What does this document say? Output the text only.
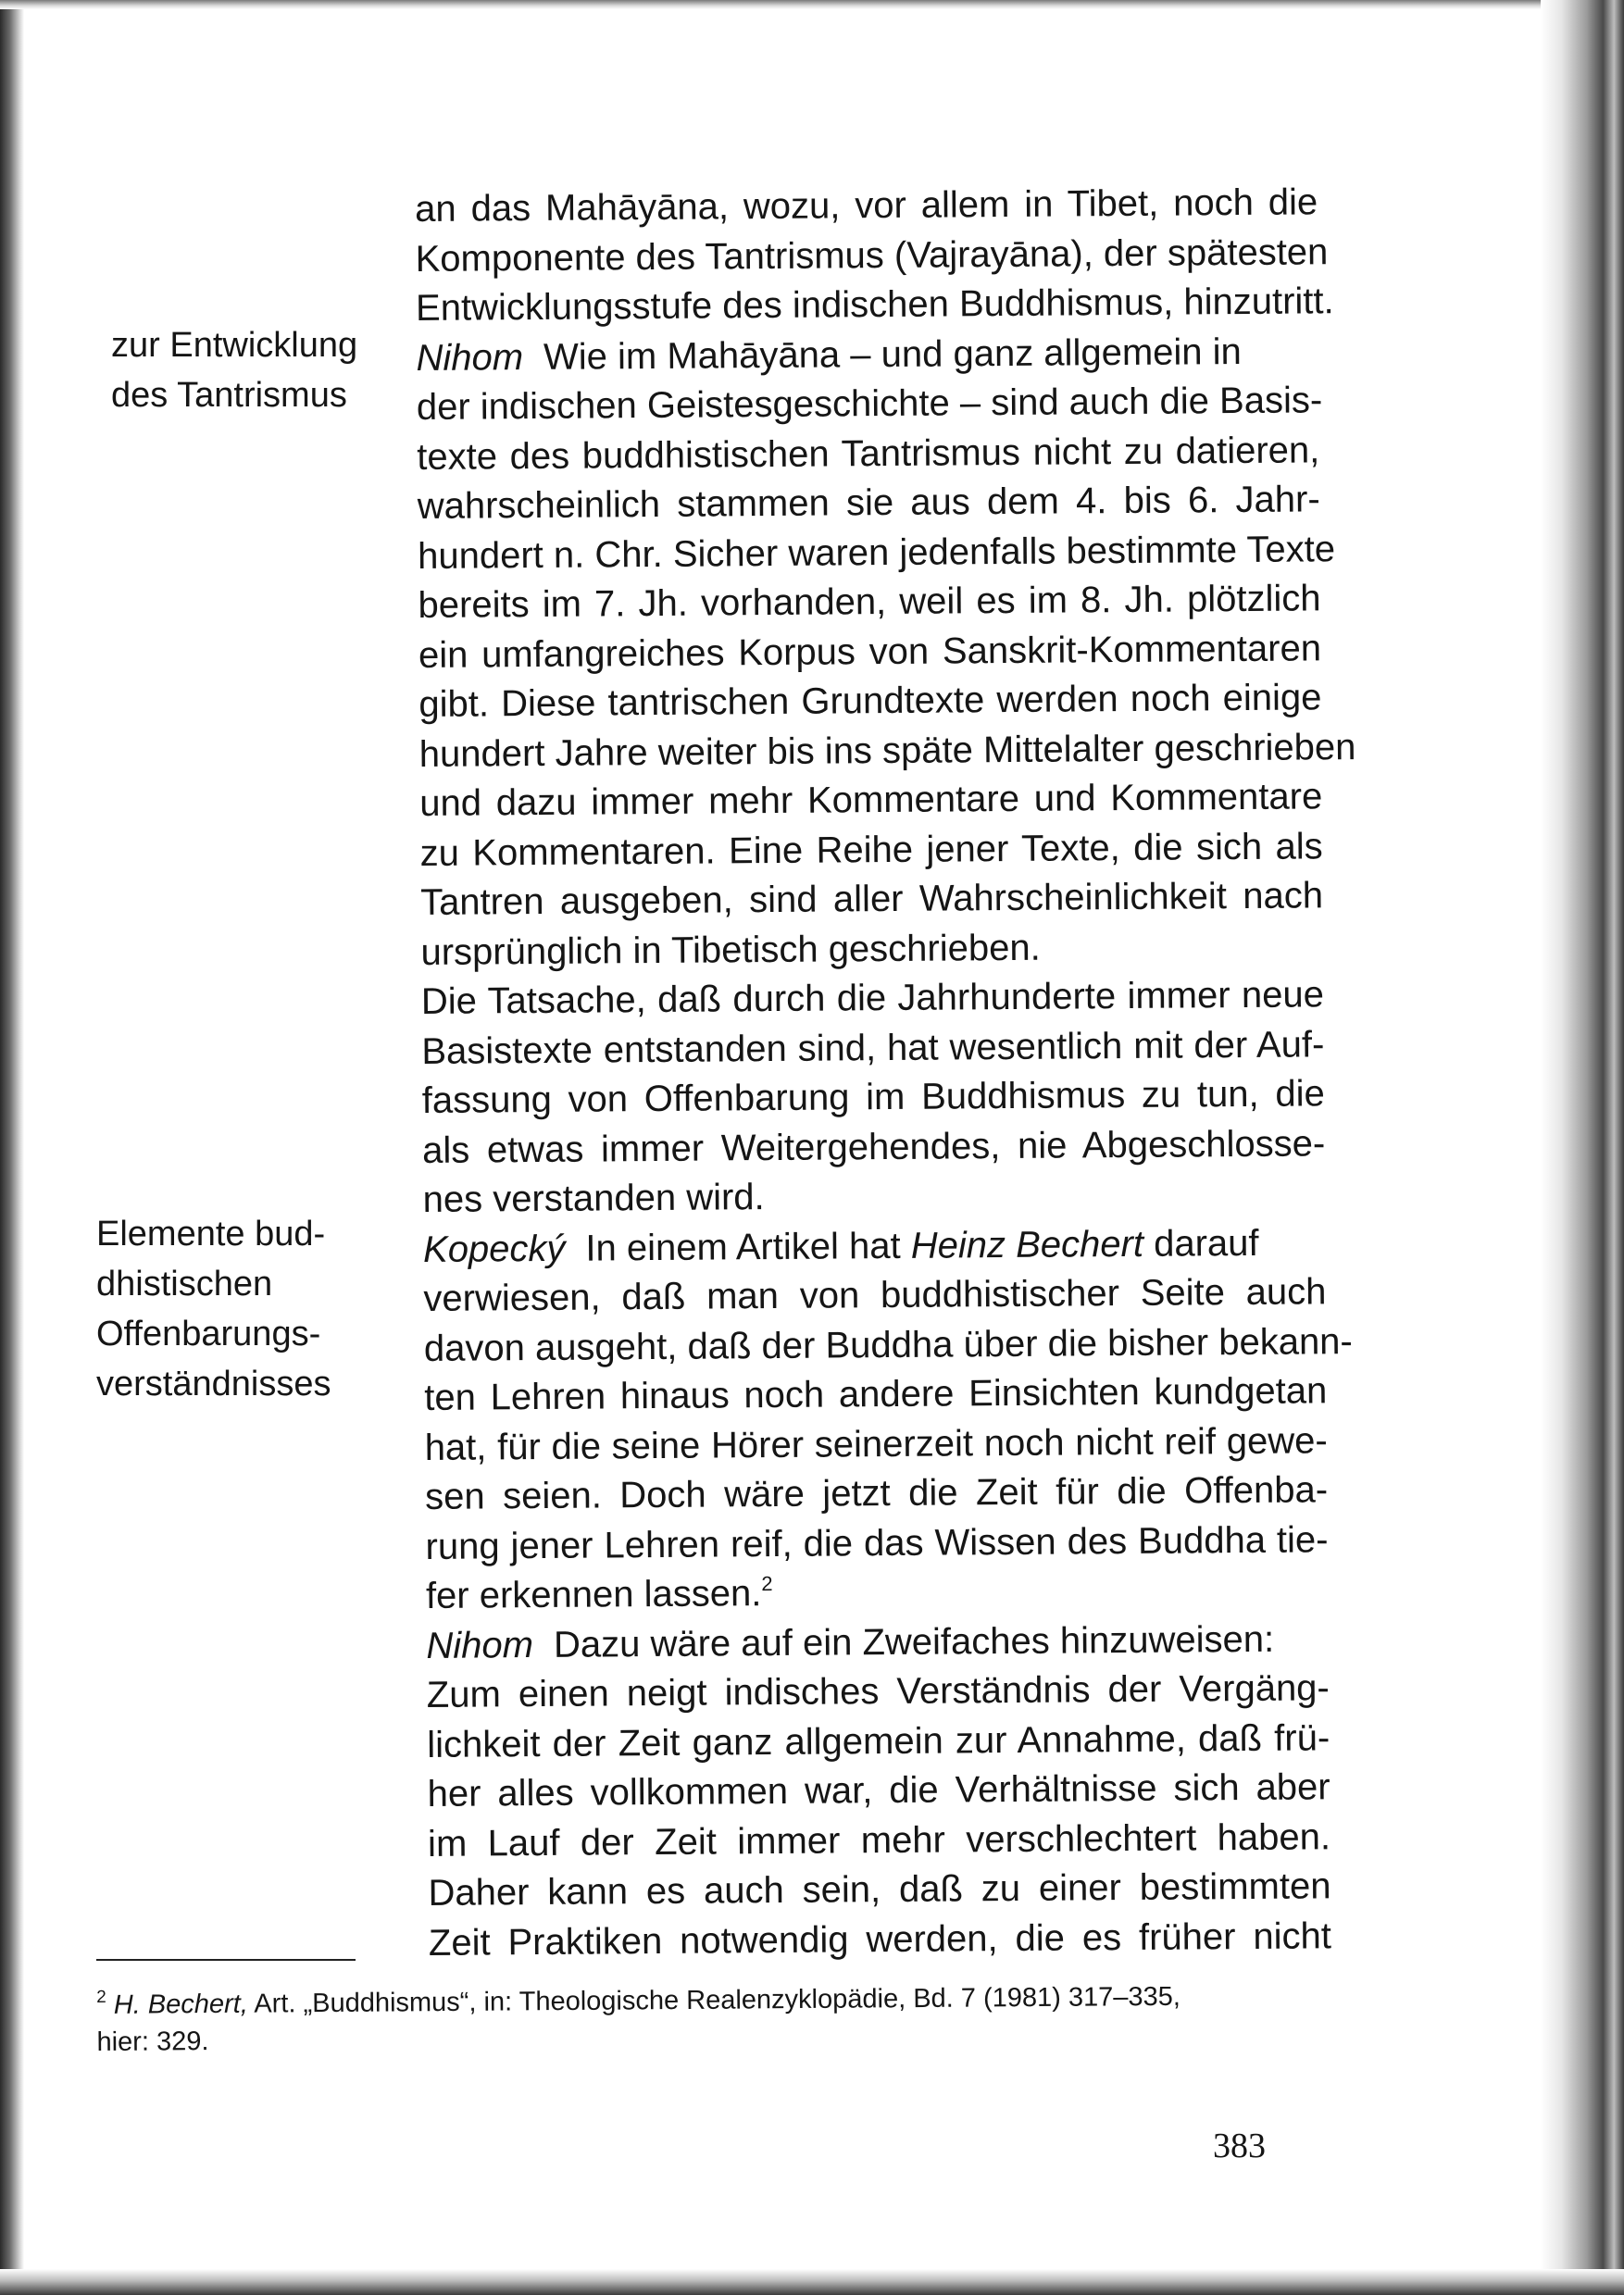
zur Entwicklung
des Tantrismus
Elemente bud-
dhistischen
Offenbarungs-
verständnisses
an das Mahāyāna, wozu, vor allem in Tibet, noch die
Komponente des Tantrismus (Vajrayāna), der spätesten
Entwicklungsstufe des indischen Buddhismus, hinzutritt.
Nihom Wie im Mahāyāna – und ganz allgemein in
der indischen Geistesgeschichte – sind auch die Basis-
texte des buddhistischen Tantrismus nicht zu datieren,
wahrscheinlich stammen sie aus dem 4. bis 6. Jahr-
hundert n. Chr. Sicher waren jedenfalls bestimmte Texte
bereits im 7. Jh. vorhanden, weil es im 8. Jh. plötzlich
ein umfangreiches Korpus von Sanskrit-Kommentaren
gibt. Diese tantrischen Grundtexte werden noch einige
hundert Jahre weiter bis ins späte Mittelalter geschrieben
und dazu immer mehr Kommentare und Kommentare
zu Kommentaren. Eine Reihe jener Texte, die sich als
Tantren ausgeben, sind aller Wahrscheinlichkeit nach
ursprünglich in Tibetisch geschrieben.
Die Tatsache, daß durch die Jahrhunderte immer neue
Basistexte entstanden sind, hat wesentlich mit der Auf-
fassung von Offenbarung im Buddhismus zu tun, die
als etwas immer Weitergehendes, nie Abgeschlosse-
nes verstanden wird.
Kopecký In einem Artikel hat Heinz Bechert darauf
verwiesen, daß man von buddhistischer Seite auch
davon ausgeht, daß der Buddha über die bisher bekann-
ten Lehren hinaus noch andere Einsichten kundgetan
hat, für die seine Hörer seinerzeit noch nicht reif gewe-
sen seien. Doch wäre jetzt die Zeit für die Offenba-
rung jener Lehren reif, die das Wissen des Buddha tie-
fer erkennen lassen.$^2$
Nihom Dazu wäre auf ein Zweifaches hinzuweisen:
Zum einen neigt indisches Verständnis der Vergäng-
lichkeit der Zeit ganz allgemein zur Annahme, daß frü-
her alles vollkommen war, die Verhältnisse sich aber
im Lauf der Zeit immer mehr verschlechtert haben.
Daher kann es auch sein, daß zu einer bestimmten
Zeit Praktiken notwendig werden, die es früher nicht
$^2$ H. Bechert, Art. „Buddhismus“, in: Theologische Realenzyklopädie, Bd. 7 (1981) 317–335,
hier: 329.
383
